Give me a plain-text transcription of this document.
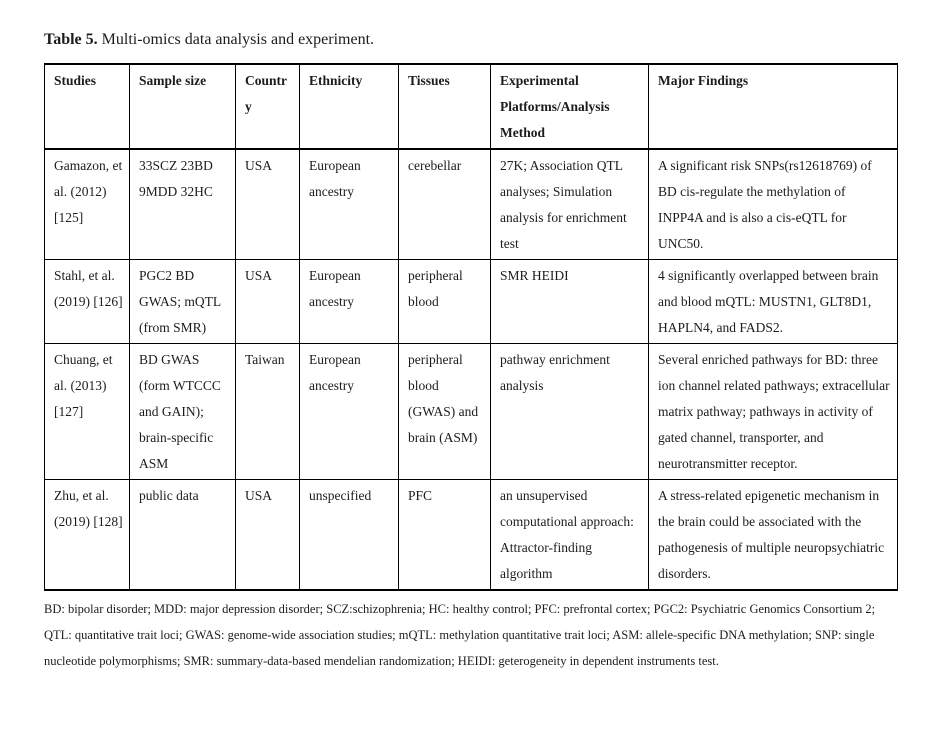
Table 5. Multi-omics data analysis and experiment.

Studies	Sample size	Country	Ethnicity	Tissues	Experimental Platforms/Analysis Method	Major Findings
Gamazon, et al. (2012) [125]	33SCZ 23BD 9MDD 32HC	USA	European ancestry	cerebellar	27K; Association QTL analyses; Simulation analysis for enrichment test	A significant risk SNPs(rs12618769) of BD cis-regulate the methylation of INPP4A and is also a cis-eQTL for UNC50.
Stahl, et al. (2019) [126]	PGC2 BD GWAS; mQTL (from SMR)	USA	European ancestry	peripheral blood	SMR HEIDI	4 significantly overlapped between brain and blood mQTL: MUSTN1, GLT8D1, HAPLN4, and FADS2.
Chuang, et al. (2013) [127]	BD GWAS (form WTCCC and GAIN); brain-specific ASM	Taiwan	European ancestry	peripheral blood (GWAS) and brain (ASM)	pathway enrichment analysis	Several enriched pathways for BD: three ion channel related pathways; extracellular matrix pathway; pathways in activity of gated channel, transporter, and neurotransmitter receptor.
Zhu, et al. (2019) [128]	public data	USA	unspecified	PFC	an unsupervised computational approach: Attractor-finding algorithm	A stress-related epigenetic mechanism in the brain could be associated with the pathogenesis of multiple neuropsychiatric disorders.
BD: bipolar disorder; MDD: major depression disorder; SCZ:schizophrenia; HC: healthy control; PFC: prefrontal cortex; PGC2: Psychiatric Genomics Consortium 2; QTL: quantitative trait loci; GWAS: genome-wide association studies; mQTL: methylation quantitative trait loci; ASM: allele-specific DNA methylation; SNP: single nucleotide polymorphisms; SMR: summary-data-based mendelian randomization; HEIDI: geterogeneity in dependent instruments test.
